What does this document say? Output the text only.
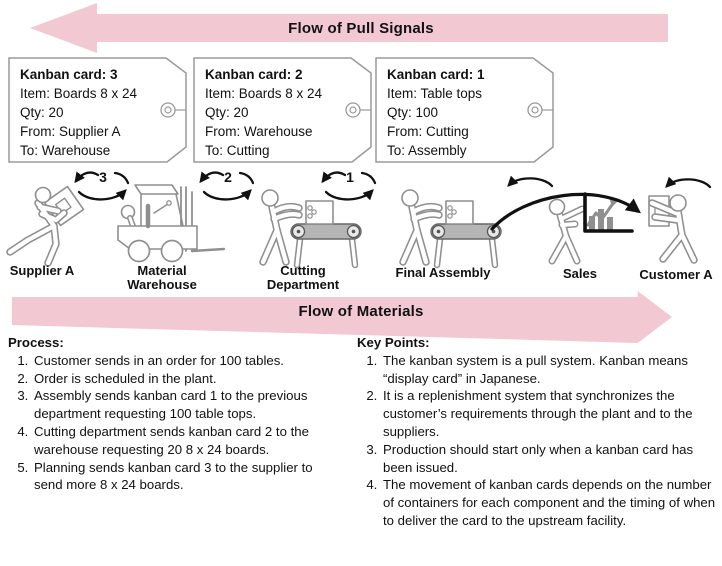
Flow of Pull Signals
Kanban card: 3
Item: Boards 8 x 24
Qty: 20
From: Supplier A
To: Warehouse
Kanban card: 2
Item: Boards 8 x 24
Qty: 20
From: Warehouse
To: Cutting
Kanban card: 1
Item: Table tops
Qty: 100
From: Cutting
To: Assembly
3	2	1
Supplier A	Material Warehouse
Cutting Department
Final Assembly	Sales	Customer A
Flow of Materials
Process:
1. Customer sends in an order for 100 tables.
2. Order is scheduled in the plant.
3. Assembly sends kanban card 1 to the previous department requesting 100 table tops.
4. Cutting department sends kanban card 2 to the warehouse requesting 20 8 x 24 boards.
5. Planning sends kanban card 3 to the supplier to send more 8 x 24 boards.
Key Points:
1. The kanban system is a pull system. Kanban means “display card” in Japanese.
2. It is a replenishment system that synchronizes the customer’s requirements through the plant and to the suppliers.
3. Production should start only when a kanban card has been issued.
4. The movement of kanban cards depends on the number of containers for each component and the timing of when to deliver the card to the upstream facility.
